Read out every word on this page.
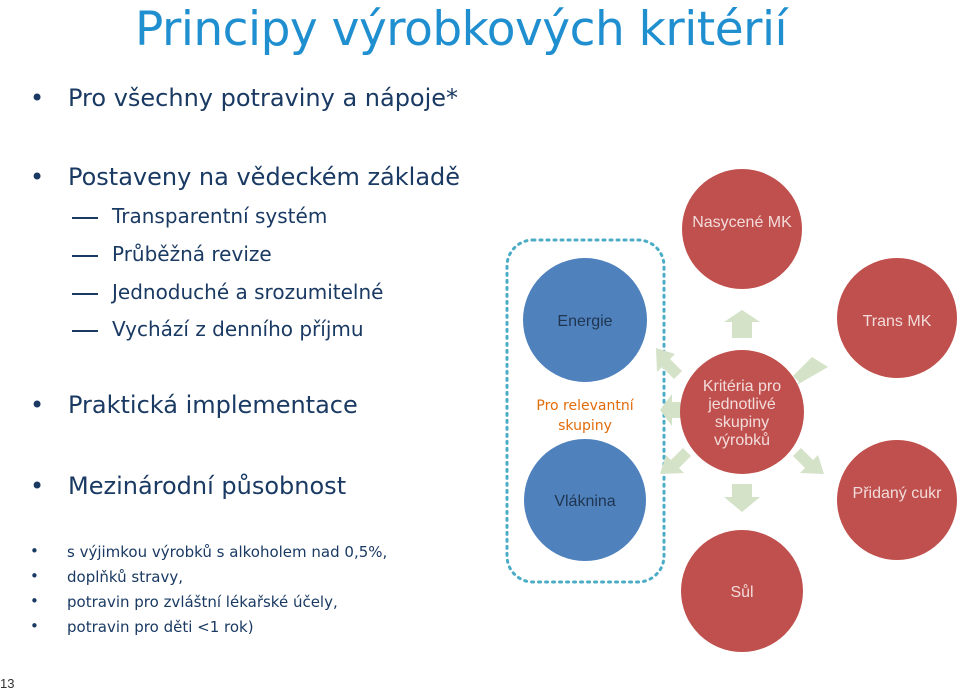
Principy výrobkových kritérií
• Pro všechny potraviny a nápoje*
• Postaveny na vědeckém základě
Transparentní systém
Průběžná revize
Jednoduché a srozumitelné
Vychází z denního příjmu
• Praktická implementace
• Mezinárodní působnost
• s výjimkou výrobků s alkoholem nad 0,5%,
• doplňků stravy,
• potravin pro zvláštní lékařské účely,
• potravin pro děti <1 rok)
Energie
Nasycené MK
Trans MK
Kritéria pro jednotlivé skupiny výrobků
Přidaný cukr
Sůl
Vláknina
Pro relevantní skupiny
13
